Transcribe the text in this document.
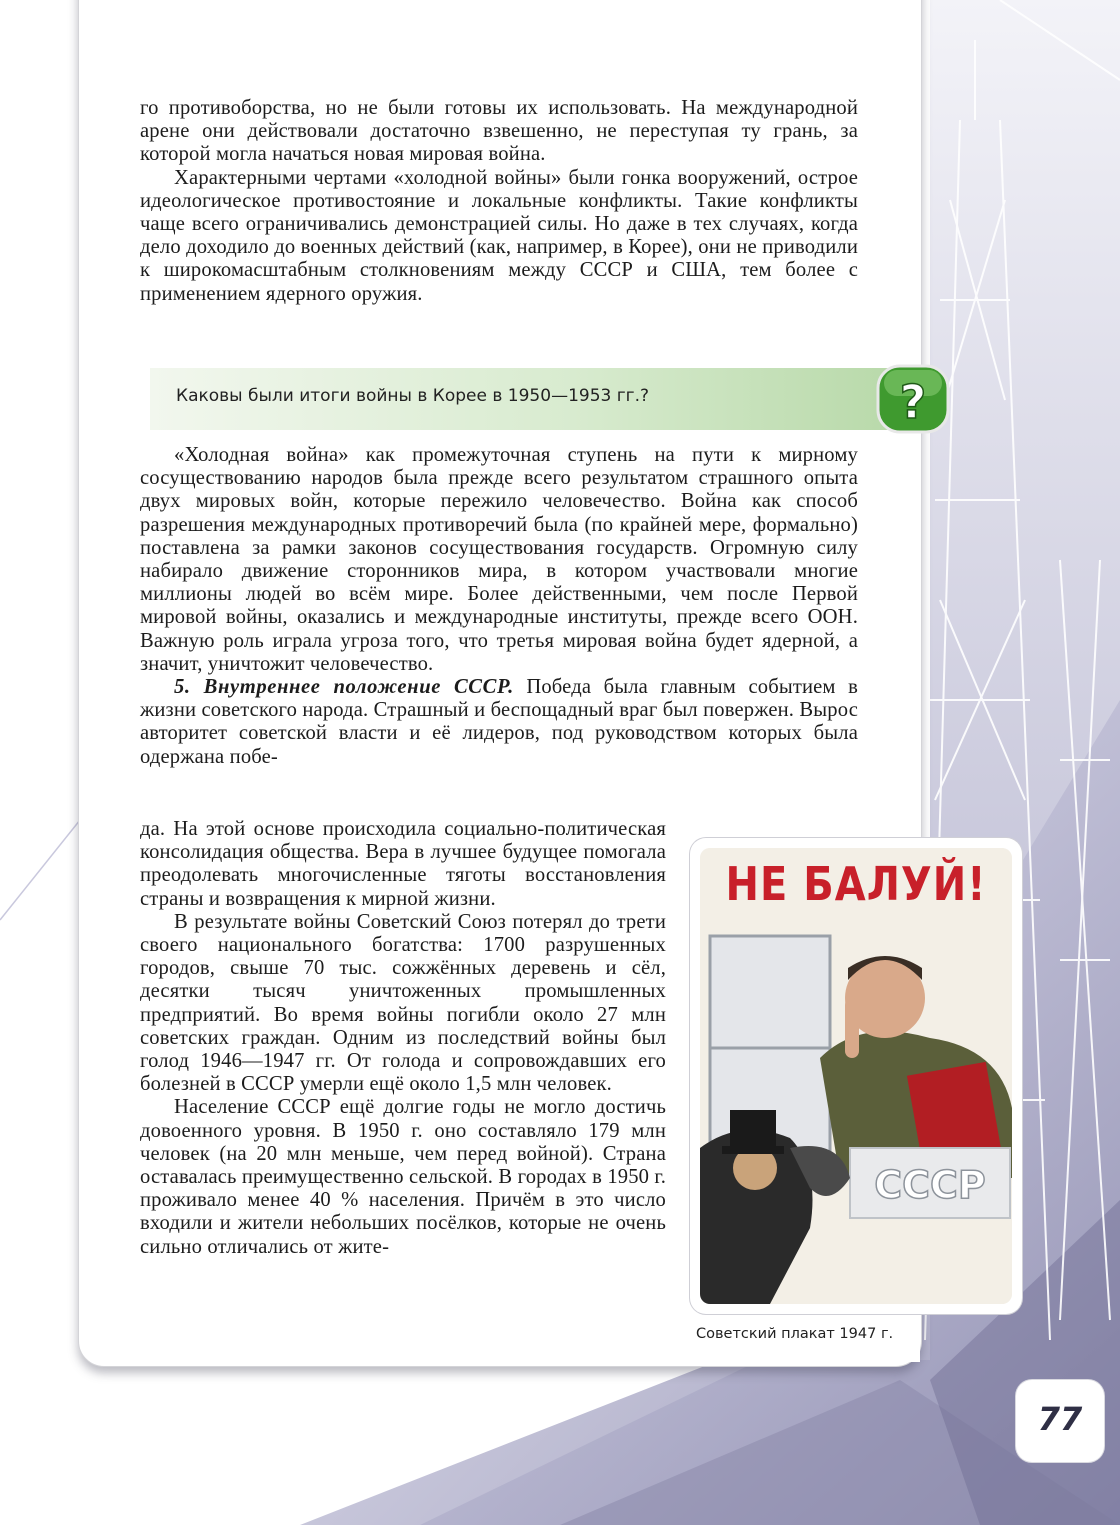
го противоборства, но не были готовы их использовать. На международной арене они действовали достаточно взвешенно, не переступая ту грань, за которой могла начаться новая мировая война.

Характерными чертами «холодной войны» были гонка вооружений, острое идеологическое противостояние и локальные конфликты. Такие конфликты чаще всего ограничивались демонстрацией силы. Но даже в тех случаях, когда дело доходило до военных действий (как, например, в Корее), они не приводили к широкомасштабным столкновениям между СССР и США, тем более с применением ядерного оружия.

Каковы были итоги войны в Корее в 1950—1953 гг.?	?

«Холодная война» как промежуточная ступень на пути к мирному сосуществованию народов была прежде всего результатом страшного опыта двух мировых войн, которые пережило человечество. Война как способ разрешения международных противоречий была (по крайней мере, формально) поставлена за рамки законов сосуществования государств. Огромную силу набирало движение сторонников мира, в котором участвовали многие миллионы людей во всём мире. Более действенными, чем после Первой мировой войны, оказались и международные институты, прежде всего ООН. Важную роль играла угроза того, что третья мировая война будет ядерной, а значит, уничтожит человечество.

5. Внутреннее положение СССР. Победа была главным событием в жизни советского народа. Страшный и беспощадный враг был повержен. Вырос авторитет советской власти и её лидеров, под руководством которых была одержана побе-

да. На этой основе происходила социально-политическая консолидация общества. Вера в лучшее будущее помогала преодолевать многочисленные тяготы восстановления страны и возвращения к мирной жизни.

В результате войны Советский Союз потерял до трети своего национального богатства: 1700 разрушенных городов, свыше 70 тыс. сожжённых деревень и сёл, десятки тысяч уничтоженных промышленных предприятий. Во время войны погибли около 27 млн советских граждан. Одним из последствий войны был голод 1946—1947 гг. От голода и сопровождавших его болезней в СССР умерли ещё около 1,5 млн человек.

Население СССР ещё долгие годы не могло достичь довоенного уровня. В 1950 г. оно составляло 179 млн человек (на 20 млн меньше, чем перед войной). Страна оставалась преимущественно сельской. В городах в 1950 г. проживало менее 40 % населения. Причём в это число входили и жители небольших посёлков, которые не очень сильно отличались от жите-

СССР
НЕ БАЛУЙ!
Советский плакат 1947 г.
77
